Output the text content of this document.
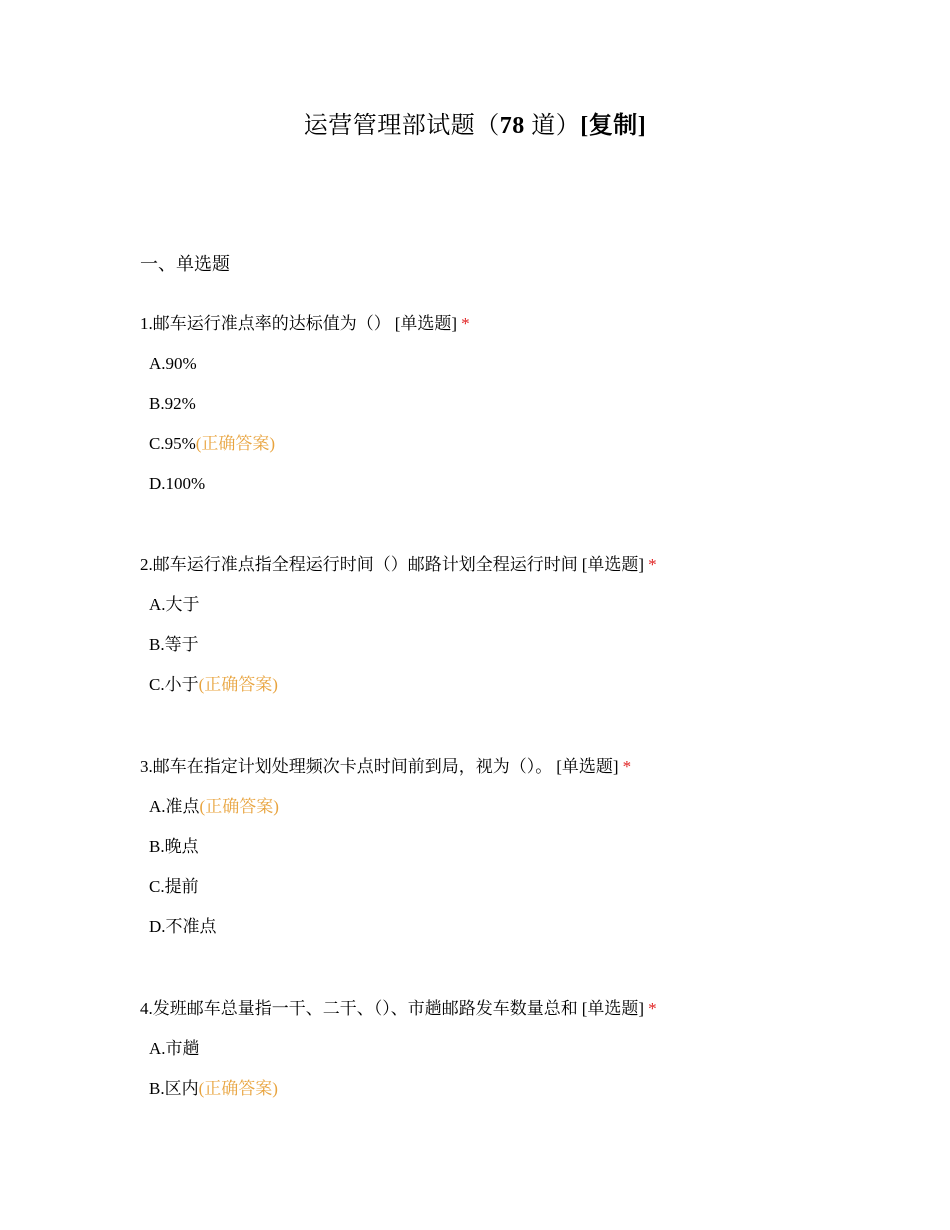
运营管理部试题（78 道）[复制]
一、单选题
1.邮车运行准点率的达标值为（） [单选题] *
A.90%
B.92%
C.95%(正确答案)
D.100%
2.邮车运行准点指全程运行时间（）邮路计划全程运行时间 [单选题] *
A.大于
B.等于
C.小于(正确答案)
3.邮车在指定计划处理频次卡点时间前到局，视为（）。 [单选题] *
A.准点(正确答案)
B.晚点
C.提前
D.不准点
4.发班邮车总量指一干、二干、（）、市趟邮路发车数量总和 [单选题] *
A.市趟
B.区内(正确答案)
